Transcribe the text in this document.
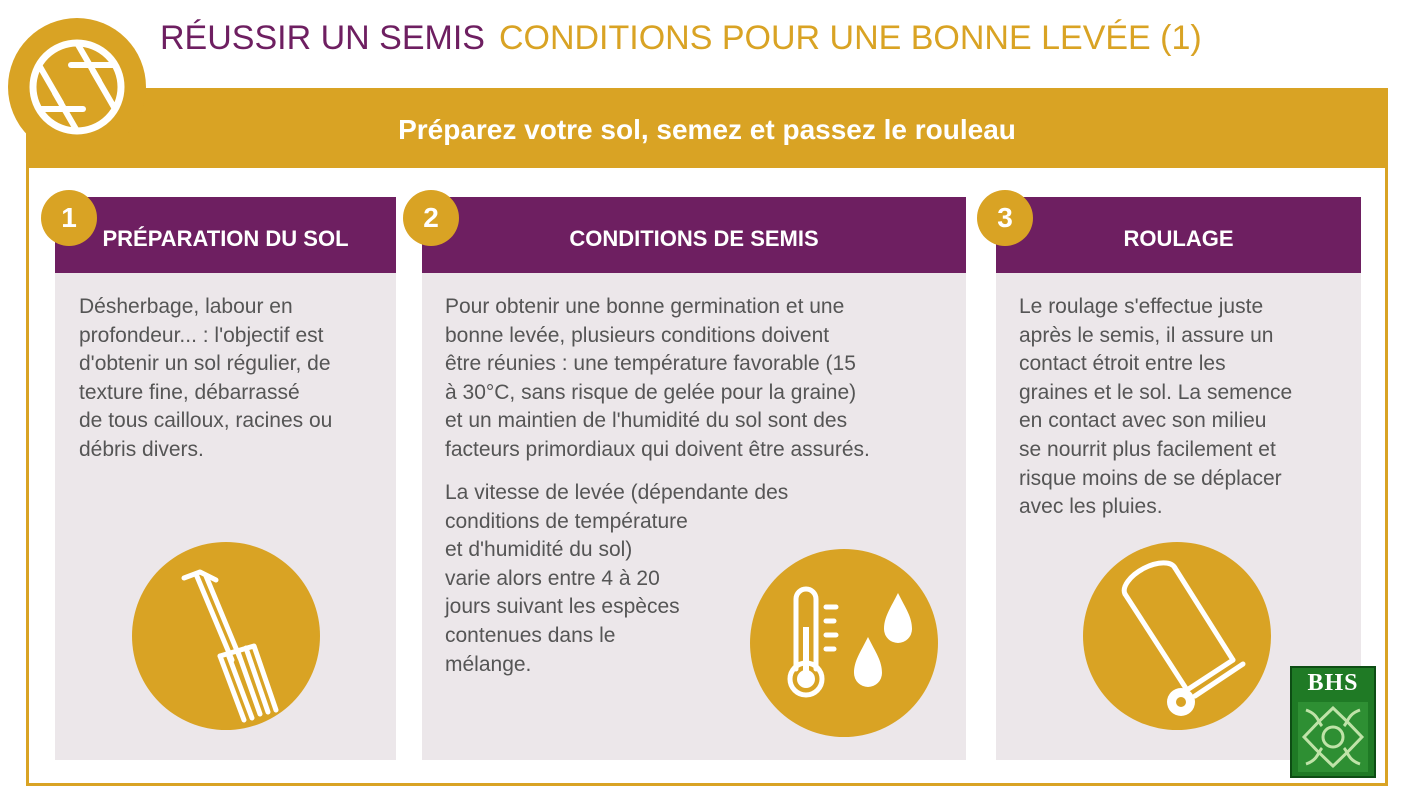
RÉUSSIR UN SEMIS CONDITIONS POUR UNE BONNE LEVÉE (1)
Préparez votre sol, semez et passez le rouleau
PRÉPARATION DU SOL
Désherbage, labour en
profondeur... : l'objectif est
d'obtenir un sol régulier, de
texture fine, débarrassé
de tous cailloux, racines ou
débris divers.
1
CONDITIONS DE SEMIS
Pour obtenir une bonne germination et une
bonne levée, plusieurs conditions doivent
être réunies : une température favorable (15
à 30°C, sans risque de gelée pour la graine)
et un maintien de l'humidité du sol sont des
facteurs primordiaux qui doivent être assurés.
La vitesse de levée (dépendante des
conditions de température
et d'humidité du sol)
varie alors entre 4 à 20
jours suivant les espèces
contenues dans le
mélange.
2
ROULAGE
Le roulage s'effectue juste
après le semis, il assure un
contact étroit entre les
graines et le sol. La semence
en contact avec son milieu
se nourrit plus facilement et
risque moins de se déplacer
avec les pluies.
3
BHS
